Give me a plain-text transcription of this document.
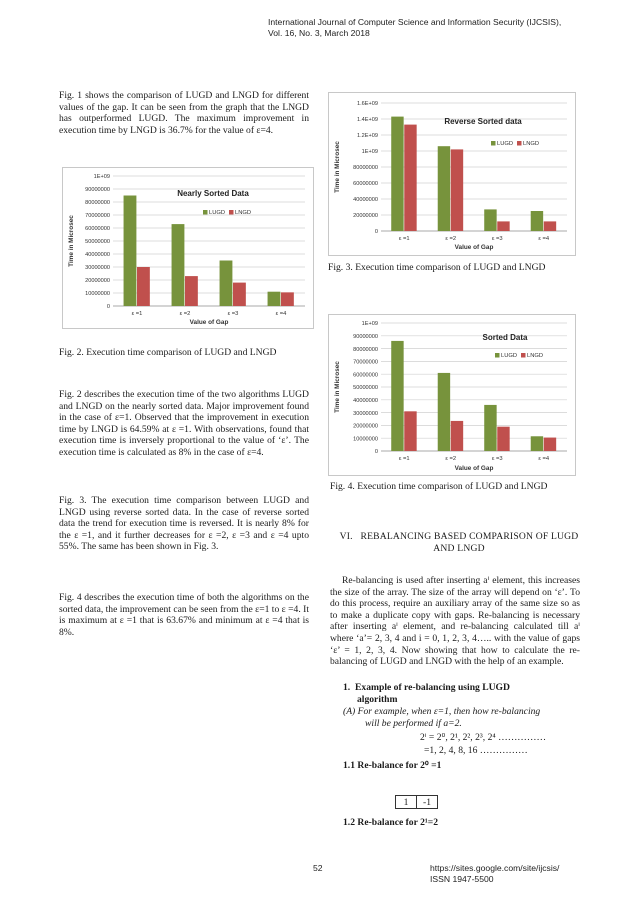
International Journal of Computer Science and Information Security (IJCSIS),
Vol. 16, No. 3, March 2018
Fig. 1 shows the comparison of LUGD and LNGD for different values of the gap. It can be seen from the graph that the LNGD has outperformed LUGD. The maximum improvement in execution time by LNGD is 36.7% for the value of ε=4.
0
10000000
20000000
30000000
40000000
50000000
60000000
70000000
80000000
90000000
1E+09
ε =1	ε =2	ε =3	ε =4
Nearly Sorted Data
LUGD LNGD
Value of Gap
Time in Microsec
Fig. 2. Execution time comparison of LUGD and LNGD
Fig. 2 describes the execution time of the two algorithms LUGD and LNGD on the nearly sorted data. Major improvement found in the case of ε=1. Observed that the improvement in execution time by LNGD is 64.59% at ε =1. With observations, found that execution time is inversely proportional to the value of ‘ε’. The execution time is calculated as 8% in the case of ε=4.
Fig. 3. The execution time comparison between LUGD and LNGD using reverse sorted data. In the case of reverse sorted data the trend for execution time is reversed. It is nearly 8% for the ε =1, and it further decreases for ε =2, ε =3 and ε =4 upto 55%. The same has been shown in Fig. 3.
Fig. 4 describes the execution time of both the algorithms on the sorted data, the improvement can be seen from the ε=1 to ε =4. It is maximum at ε =1 that is 63.67% and minimum at ε =4 that is 8%.
0
20000000
40000000
60000000
80000000
1E+09
1.2E+09
1.4E+09
1.6E+09
ε =1	ε =2	ε =3	ε =4
Reverse Sorted data
LUGD LNGD
Value of Gap
Time in Microsec
Fig. 3. Execution time comparison of LUGD and LNGD
0
10000000
20000000
30000000
40000000
50000000
60000000
70000000
80000000
90000000
1E+09
ε =1	ε =2	ε =3	ε =4
Sorted Data
LUGD LNGD
Value of Gap
Time in Microsec
Fig. 4. Execution time comparison of LUGD and LNGD
VI. REBALANCING BASED COMPARISON OF LUGD
AND LNGD
Re-balancing is used after inserting aⁱ element, this increases the size of the array. The size of the array will depend on ‘ε’. To do this process, require an auxiliary array of the same size so as to make a duplicate copy with gaps. Re-balancing is necessary after inserting aⁱ element, and re-balancing calculated till aⁱ where ‘a’= 2, 3, 4 and i = 0, 1, 2, 3, 4….. with the value of gaps ‘ε’ = 1, 2, 3, 4. Now showing that how to calculate the re-balancing of LUGD and LNGD with the help of an example.
1. Example of re-balancing using LUGD
algorithm
(A) For example, when ε=1, then how re-balancing
will be performed if a=2.
2ⁱ = 2⁰, 2¹, 2², 2³, 2⁴ ……………
=1, 2, 4, 8, 16 ……………
1.1 Re-balance for 2⁰ =1
1	-1
1.2 Re-balance for 2¹=2
52	https://sites.google.com/site/ijcsis/
ISSN 1947-5500
